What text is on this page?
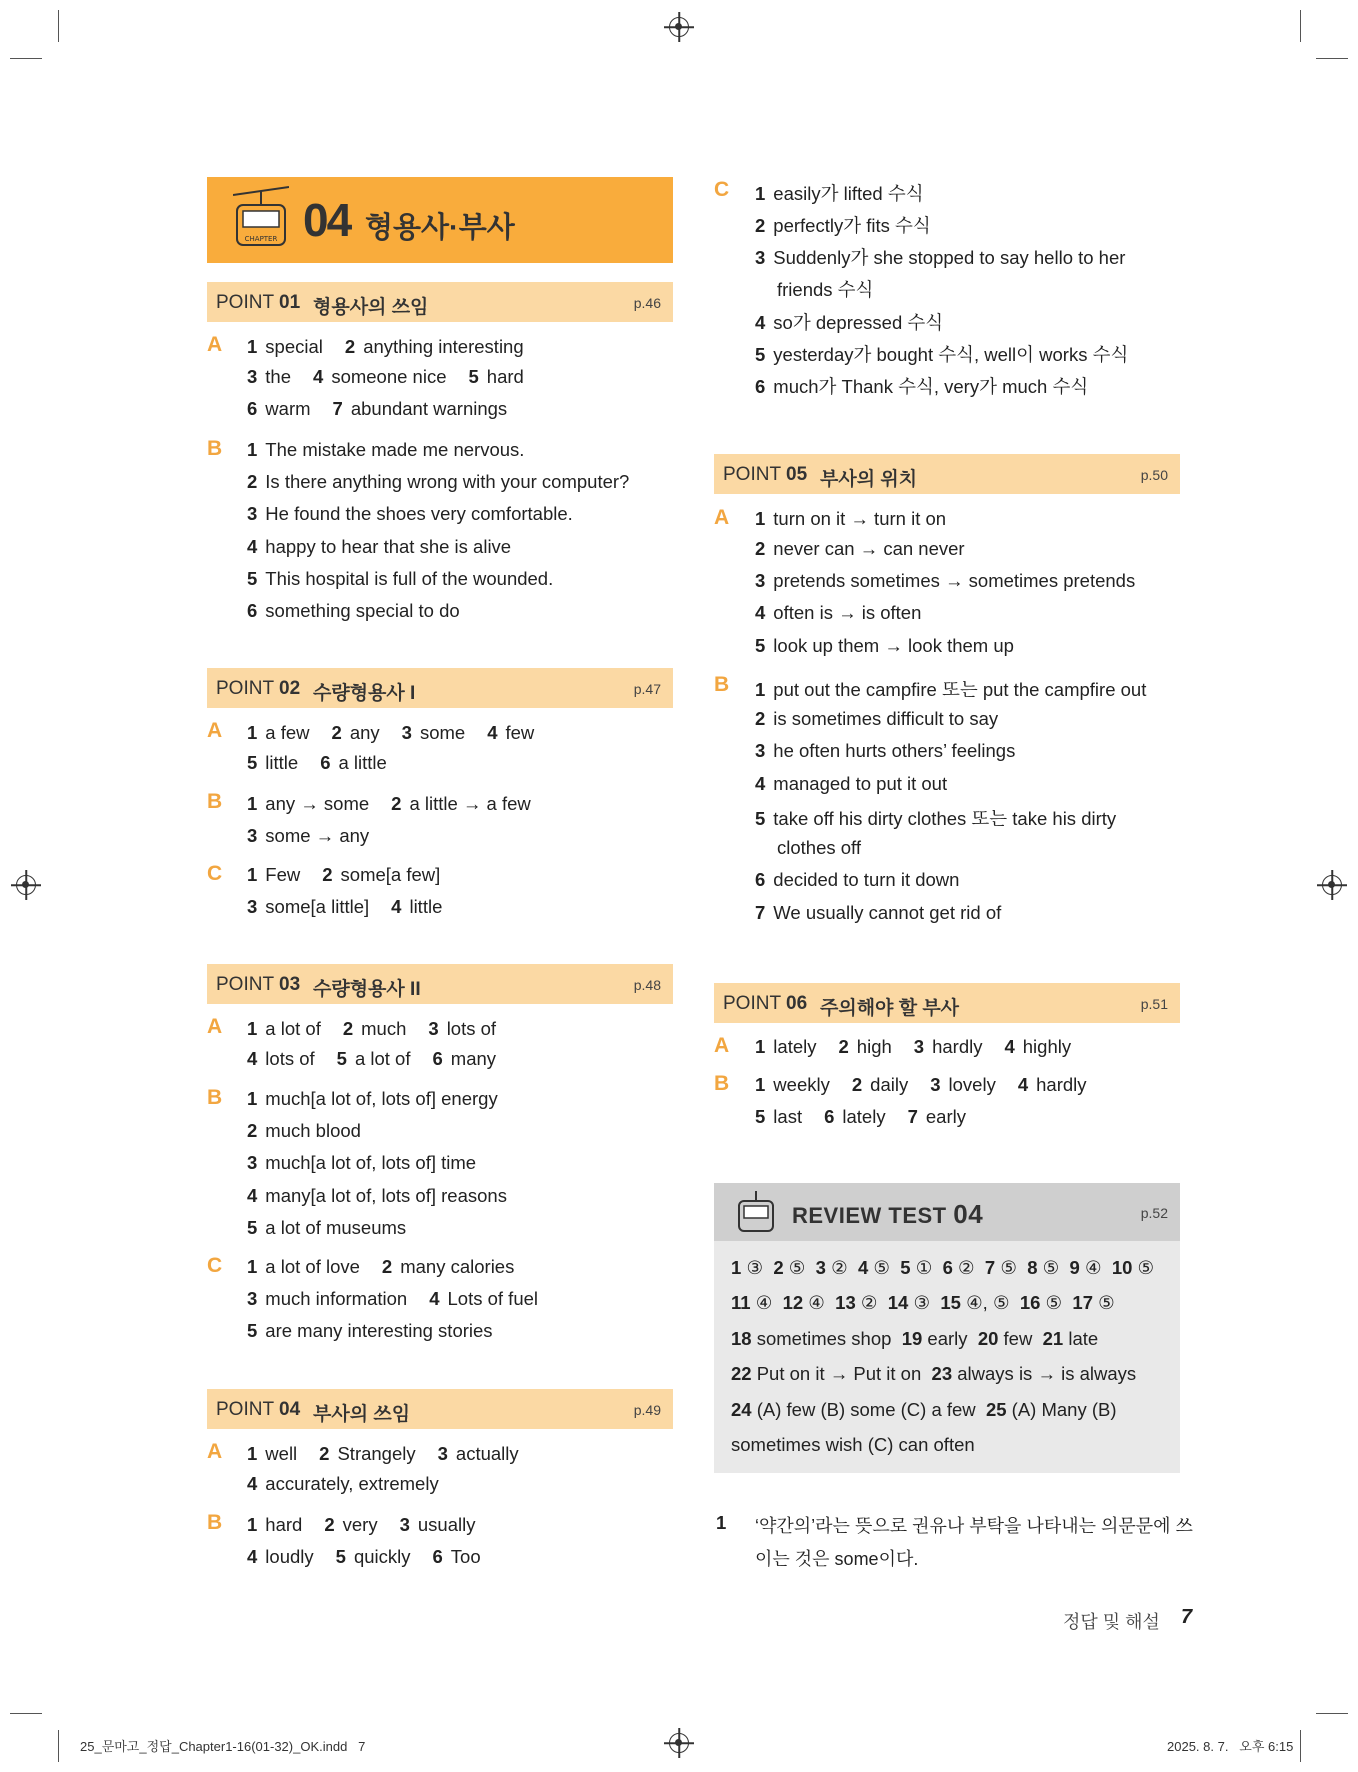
CHAPTER 04 형용사·부사
POINT 01 형용사의 쓰임	p.46
A 1 special 2 anything interesting
3 the 4 someone nice 5 hard
6 warm 7 abundant warnings
B 1 The mistake made me nervous.
2 Is there anything wrong with your computer?
3 He found the shoes very comfortable.
4 happy to hear that she is alive
5 This hospital is full of the wounded.
6 something special to do
POINT 02 수량형용사 I	p.47
A 1 a few 2 any 3 some 4 few
5 little 6 a little
B 1 any → some 2 a little → a few
3 some → any
C 1 Few 2 some[a few]
3 some[a little] 4 little
POINT 03 수량형용사 II	p.48
A 1 a lot of 2 much 3 lots of
4 lots of 5 a lot of 6 many
B 1 much[a lot of, lots of] energy
2 much blood
3 much[a lot of, lots of] time
4 many[a lot of, lots of] reasons
5 a lot of museums
C 1 a lot of love 2 many calories
3 much information 4 Lots of fuel
5 are many interesting stories
POINT 04 부사의 쓰임	p.49
A 1 well 2 Strangely 3 actually
4 accurately, extremely
B 1 hard 2 very 3 usually
4 loudly 5 quickly 6 Too
C 1 easily가 lifted 수식
2 perfectly가 fits 수식
3 Suddenly가 she stopped to say hello to her
friends 수식
4 so가 depressed 수식
5 yesterday가 bought 수식, well이 works 수식
6 much가 Thank 수식, very가 much 수식
POINT 05 부사의 위치	p.50
A 1 turn on it → turn it on
2 never can → can never
3 pretends sometimes → sometimes pretends
4 often is → is often
5 look up them → look them up
B 1 put out the campfire 또는 put the campfire out
2 is sometimes difficult to say
3 he often hurts others’ feelings
4 managed to put it out
5 take off his dirty clothes 또는 take his dirty
clothes off
6 decided to turn it down
7 We usually cannot get rid of
POINT 06 주의해야 할 부사	p.51
A 1 lately 2 high 3 hardly 4 highly
B 1 weekly 2 daily 3 lovely 4 hardly
5 last 6 lately 7 early
REVIEW TEST 04	p.52
1 ③ 2 ⑤ 3 ② 4 ⑤ 5 ① 6 ② 7 ⑤ 8 ⑤ 9 ④ 10 ⑤
11 ④ 12 ④ 13 ② 14 ③ 15 ④, ⑤ 16 ⑤ 17 ⑤
18 sometimes shop 19 early 20 few 21 late
22 Put on it → Put it on 23 always is → is always
24 (A) few (B) some (C) a few 25 (A) Many (B)
sometimes wish (C) can often
1 ‘약간의’라는 뜻으로 권유나 부탁을 나타내는 의문문에 쓰
이는 것은 some이다.
정답 및 해설 7
25_문마고_정답_Chapter1-16(01-32)_OK.indd   7	2025. 8. 7.   오후 6:15
